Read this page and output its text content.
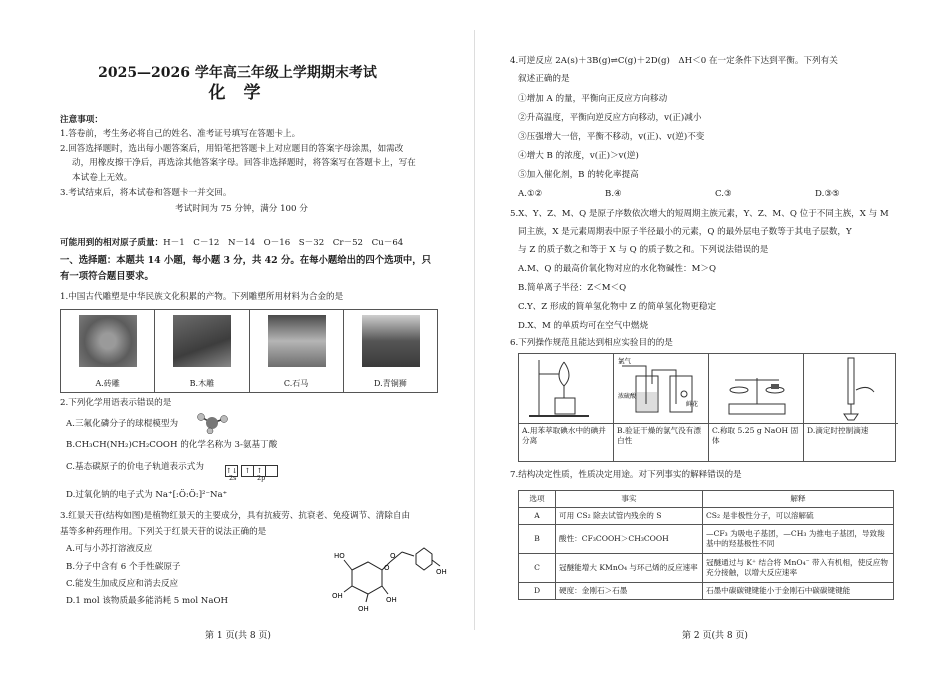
2025—2026 学年高三年级上学期期末考试
化 学
注意事项：
1.答卷前，考生务必将自己的姓名、准考证号填写在答题卡上。
2.回答选择题时，选出每小题答案后，用铅笔把答题卡上对应题目的答案字母涂黑，如需改
动，用橡皮擦干净后，再选涂其他答案字母。回答非选择题时，将答案写在答题卡上，写在
本试卷上无效。
3.考试结束后，将本试卷和答题卡一并交回。
考试时间为 75 分钟，满分 100 分
可能用到的相对原子质量：H－1　C－12　N－14　O－16　S－32　Cr－52　Cu－64
一、选择题：本题共 14 小题，每小题 3 分，共 42 分。在每小题给出的四个选项中，只
有一项符合题目要求。
1.中国古代雕塑是中华民族文化积累的产物。下列雕塑所用材料为合金的是
A.砖雕	B.木雕	C.石马	D.青铜狮
2.下列化学用语表示错误的是
A.三氟化磷分子的球棍模型为
B.CH₃CH(NH₂)CH₂COOH 的化学名称为 3-氨基丁酸
C.基态碳原子的价电子轨道表示式为	↑↓ ↑ ↑
2s	2p
D.过氧化钠的电子式为 Na⁺[:Ö:Ö:]²⁻Na⁺
3.红景天苷(结构如图)是植物红景天的主要成分，具有抗疲劳、抗衰老、免疫调节、清除自由
基等多种药理作用。下列关于红景天苷的说法正确的是
A.可与小苏打溶液反应
B.分子中含有 6 个手性碳原子
C.能发生加成反应和消去反应
D.1 mol 该物质最多能消耗 5 mol NaOH
HO
O
O
OH
OH
OH
OH
第 1 页(共 8 页)
4.可逆反应 2A(s)＋3B(g)⇌C(g)＋2D(g)　ΔH＜0 在一定条件下达到平衡。下列有关
叙述正确的是
①增加 A 的量，平衡向正反应方向移动
②升高温度，平衡向逆反应方向移动，v(正)减小
③压强增大一倍，平衡不移动，v(正)、v(逆)不变
④增大 B 的浓度，v(正)＞v(逆)
⑤加入催化剂，B 的转化率提高
A.①②	B.④	C.③	D.③⑤
5.X、Y、Z、M、Q 是原子序数依次增大的短周期主族元素，Y、Z、M、Q 位于不同主族，X 与 M
同主族，X 是元素周期表中原子半径最小的元素，Q 的最外层电子数等于其电子层数，Y
与 Z 的质子数之和等于 X 与 Q 的质子数之和。下列说法错误的是
A.M、Q 的最高价氧化物对应的水化物碱性：M＞Q
B.简单离子半径：Z＜M＜Q
C.Y、Z 形成的简单氢化物中 Z 的简单氢化物更稳定
D.X、M 的单质均可在空气中燃烧
6.下列操作规范且能达到相应实验目的的是
A.用苯萃取碘水中的碘并分离
氯气
浓硫酸
鲜花
B.验证干燥的氯气没有漂白性
C.称取 5.25 g NaOH 固体
D.滴定时控制滴速
7.结构决定性质，性质决定用途。对下列事实的解释错误的是
选项	事实	解释
A	可用 CS₂ 除去试管内残余的 S	CS₂ 是非极性分子，可以溶解硫
B	酸性：CF₃COOH＞CH₃COOH	—CF₃ 为吸电子基团，—CH₃ 为推电子基团，导致羧基中的羟基极性不同
C	冠醚能增大 KMnO₄ 与环己烯的反应速率	冠醚通过与 K⁺ 结合将 MnO₄⁻ 带入有机相，使反应物充分接触，以增大反应速率
D	硬度：金刚石＞石墨	石墨中碳碳键键能小于金刚石中碳碳键键能
第 2 页(共 8 页)
